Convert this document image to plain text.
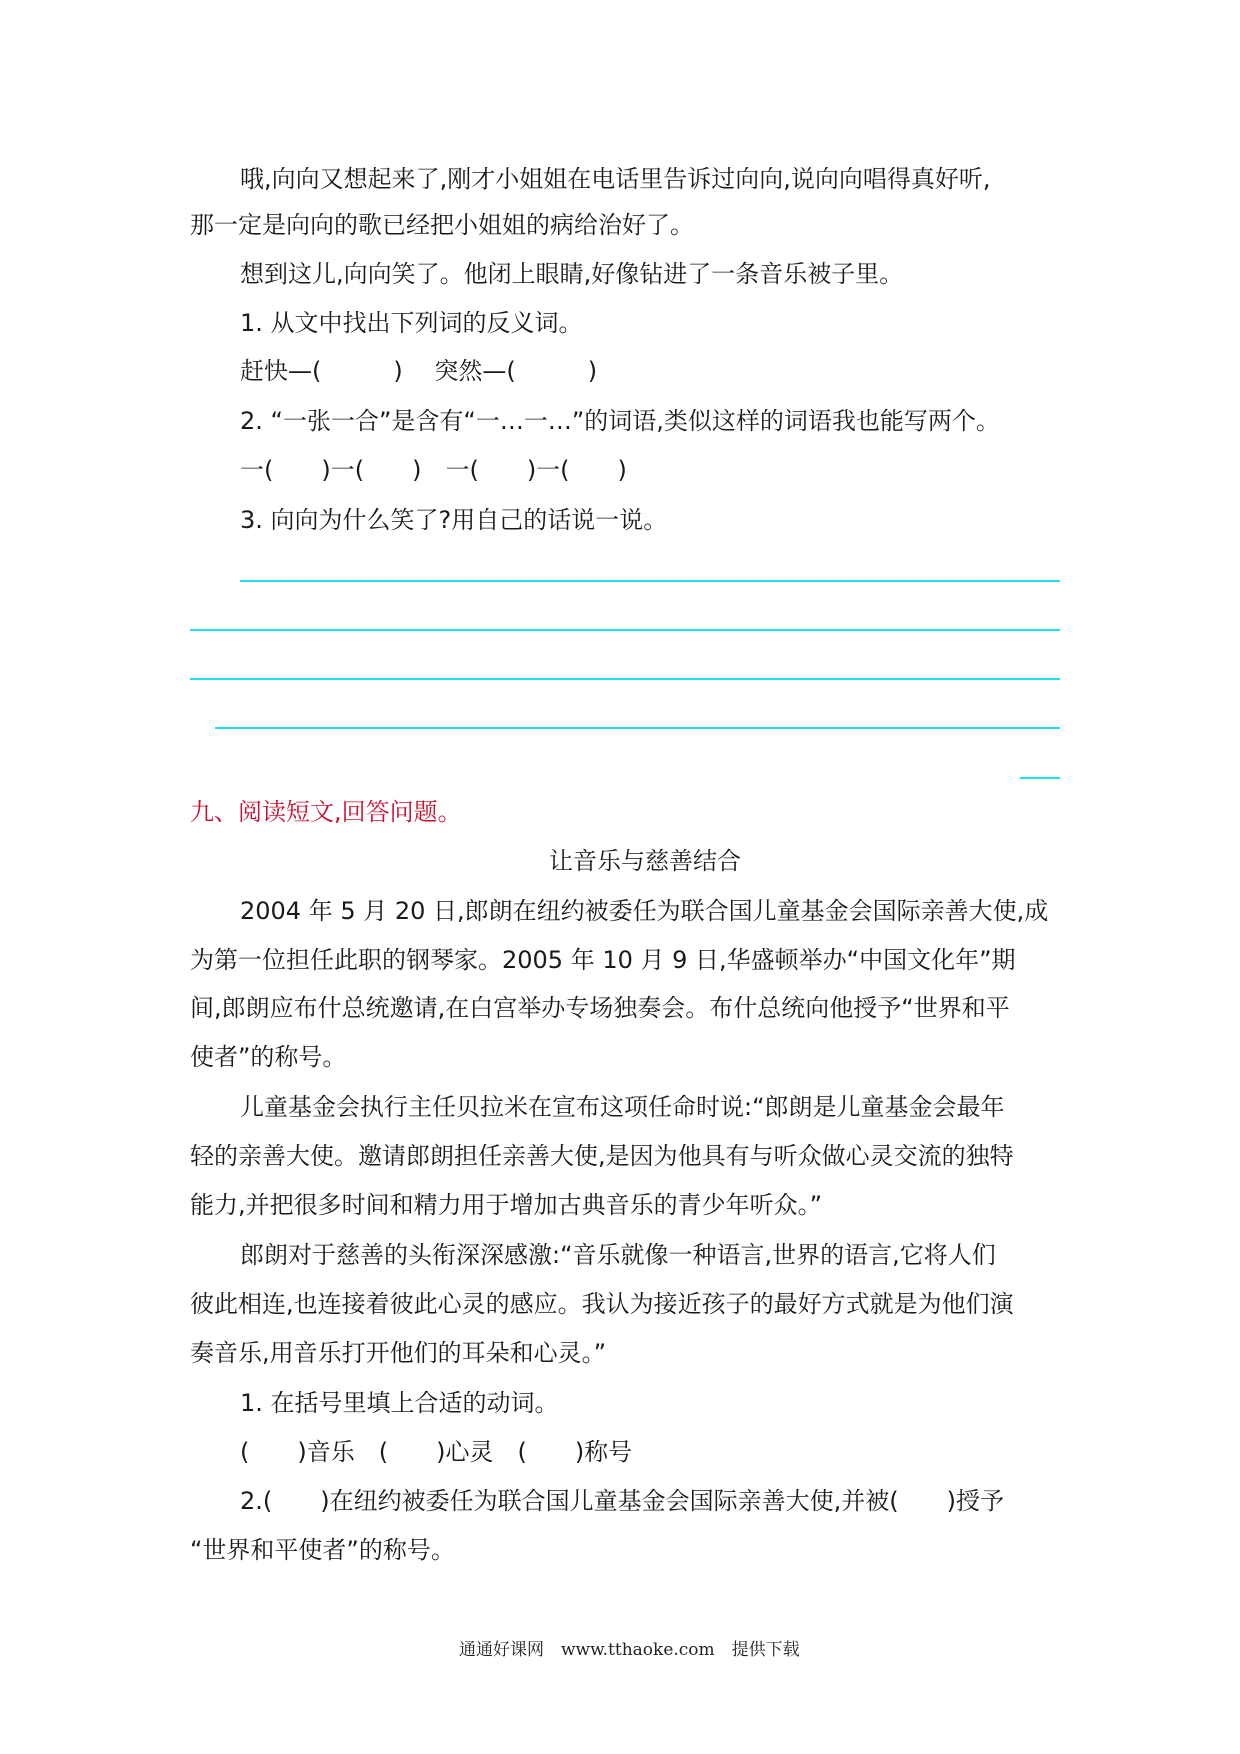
哦,向向又想起来了,刚才小姐姐在电话里告诉过向向,说向向唱得真好听,
那一定是向向的歌已经把小姐姐的病给治好了。
想到这儿,向向笑了。他闭上眼睛,好像钻进了一条音乐被子里。
1. 从文中找出下列词的反义词。
赶快—(　　　) 　突然—(　　　)
2. “一张一合”是含有“一…一…”的词语,类似这样的词语我也能写两个。
一(　　)一(　　)　一(　　)一(　　)
3. 向向为什么笑了?用自己的话说一说。
九、阅读短文,回答问题。
让音乐与慈善结合
2004 年 5 月 20 日,郎朗在纽约被委任为联合国儿童基金会国际亲善大使,成
为第一位担任此职的钢琴家。2005 年 10 月 9 日,华盛顿举办“中国文化年”期
间,郎朗应布什总统邀请,在白宫举办专场独奏会。布什总统向他授予“世界和平
使者”的称号。
儿童基金会执行主任贝拉米在宣布这项任命时说:“郎朗是儿童基金会最年
轻的亲善大使。邀请郎朗担任亲善大使,是因为他具有与听众做心灵交流的独特
能力,并把很多时间和精力用于增加古典音乐的青少年听众。”
郎朗对于慈善的头衔深深感激:“音乐就像一种语言,世界的语言,它将人们
彼此相连,也连接着彼此心灵的感应。我认为接近孩子的最好方式就是为他们演
奏音乐,用音乐打开他们的耳朵和心灵。”
1. 在括号里填上合适的动词。
(　　)音乐　(　　)心灵　(　　)称号
2.(　　)在纽约被委任为联合国儿童基金会国际亲善大使,并被(　　)授予
“世界和平使者”的称号。
通通好课网　www.tthaoke.com　提供下载
